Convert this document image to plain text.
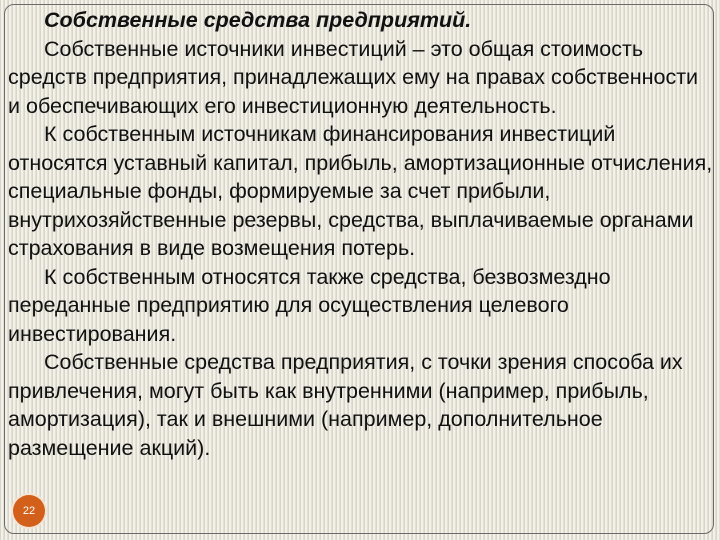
Собственные средства предприятий.

Собственные источники инвестиций – это общая стоимость средств предприятия, принадлежащих ему на правах собственности и обеспечивающих его инвестиционную деятельность.

К собственным источникам финансирования инвестиций относятся уставный капитал, прибыль, амортизационные отчисления, специальные фонды, формируемые за счет прибыли, внутрихозяйственные резервы, средства, выплачиваемые органами страхования в виде возмещения потерь.

К собственным относятся также средства, безвозмездно переданные предприятию для осуществления целевого инвестирования.

Собственные средства предприятия, с точки зрения способа их привлечения, могут быть как внутренними (например, прибыль, амортизация), так и внешними (например, дополнительное размещение акций).

22
